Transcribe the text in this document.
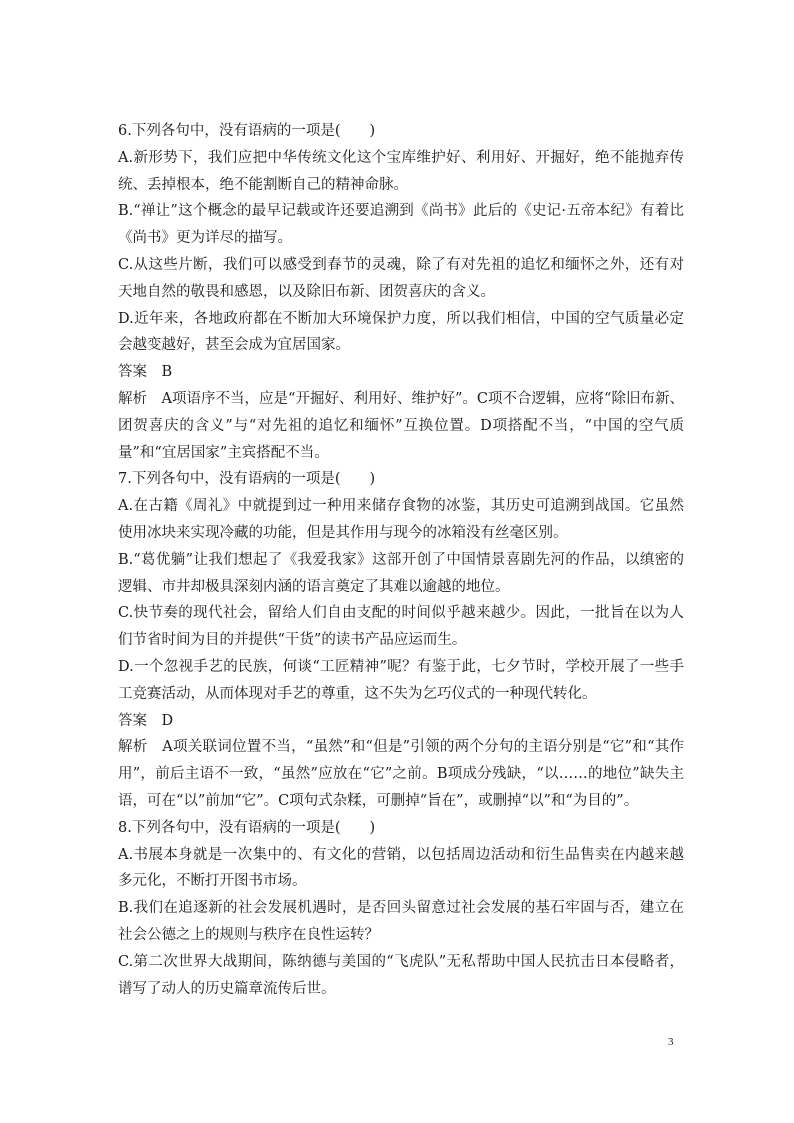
6.下列各句中，没有语病的一项是(　　)

A.新形势下，我们应把中华传统文化这个宝库维护好、利用好、开掘好，绝不能抛弃传统、丢掉根本，绝不能割断自己的精神命脉。

B.“禅让”这个概念的最早记载或许还要追溯到《尚书》此后的《史记·五帝本纪》有着比《尚书》更为详尽的描写。

C.从这些片断，我们可以感受到春节的灵魂，除了有对先祖的追忆和缅怀之外，还有对天地自然的敬畏和感恩，以及除旧布新、团贺喜庆的含义。

D.近年来，各地政府都在不断加大环境保护力度，所以我们相信，中国的空气质量必定会越变越好，甚至会成为宜居国家。

答案　B

解析　A项语序不当，应是“开掘好、利用好、维护好”。C项不合逻辑，应将“除旧布新、团贺喜庆的含义”与“对先祖的追忆和缅怀”互换位置。D项搭配不当，“中国的空气质量”和“宜居国家”主宾搭配不当。

7.下列各句中，没有语病的一项是(　　)

A.在古籍《周礼》中就提到过一种用来储存食物的冰鉴，其历史可追溯到战国。它虽然使用冰块来实现冷藏的功能，但是其作用与现今的冰箱没有丝毫区别。

B.“葛优躺”让我们想起了《我爱我家》这部开创了中国情景喜剧先河的作品，以缜密的逻辑、市井却极具深刻内涵的语言奠定了其难以逾越的地位。

C.快节奏的现代社会，留给人们自由支配的时间似乎越来越少。因此，一批旨在以为人们节省时间为目的并提供“干货”的读书产品应运而生。

D.一个忽视手艺的民族，何谈“工匠精神”呢？有鉴于此，七夕节时，学校开展了一些手工竞赛活动，从而体现对手艺的尊重，这不失为乞巧仪式的一种现代转化。

答案　D

解析　A项关联词位置不当，“虽然”和“但是”引领的两个分句的主语分别是“它”和“其作用”，前后主语不一致，“虽然”应放在“它”之前。B项成分残缺，“以……的地位”缺失主语，可在“以”前加“它”。C项句式杂糅，可删掉“旨在”，或删掉“以”和“为目的”。

8.下列各句中，没有语病的一项是(　　)

A.书展本身就是一次集中的、有文化的营销，以包括周边活动和衍生品售卖在内越来越多元化，不断打开图书市场。

B.我们在追逐新的社会发展机遇时，是否回头留意过社会发展的基石牢固与否，建立在社会公德之上的规则与秩序在良性运转？

C.第二次世界大战期间，陈纳德与美国的“飞虎队”无私帮助中国人民抗击日本侵略者，谱写了动人的历史篇章流传后世。

3
